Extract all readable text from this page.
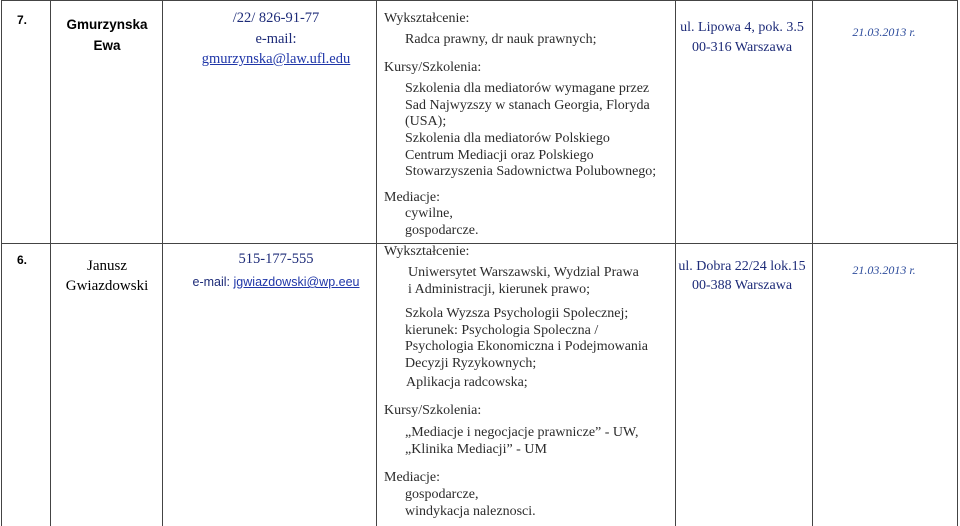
7.	Gmurzynska
Ewa
/22/ 826-91-77
e-mail:
gmurzynska@law.ufl.edu
Wykształcenie:
Radca prawny, dr nauk prawnych;
Kursy/Szkolenia:
Szkolenia dla mediatorów wymagane przez
Sad Najwyzszy w stanach Georgia, Floryda
(USA);
Szkolenia dla mediatorów Polskiego
Centrum Mediacji oraz Polskiego
Stowarzyszenia Sadownictwa Polubownego;
Mediacje:
cywilne,
gospodarcze.
ul. Lipowa 4, pok. 3.5
00-316 Warszawa
21.03.2013 r.
6.	Janusz
Gwiazdowski
515-177-555
e-mail: jgwiazdowski@wp.eeu
Wykształcenie:
Uniwersytet Warszawski, Wydzial Prawa
i Administracji, kierunek prawo;
Szkola Wyzsza Psychologii Spolecznej;
kierunek: Psychologia Spoleczna /
Psychologia Ekonomiczna i Podejmowania
Decyzji Ryzykownych;
Aplikacja radcowska;
Kursy/Szkolenia:
„Mediacje i negocjacje prawnicze” - UW,
„Klinika Mediacji” - UM
Mediacje:
gospodarcze,
windykacja naleznosci.
ul. Dobra 22/24 lok.15
00-388 Warszawa
21.03.2013 r.
